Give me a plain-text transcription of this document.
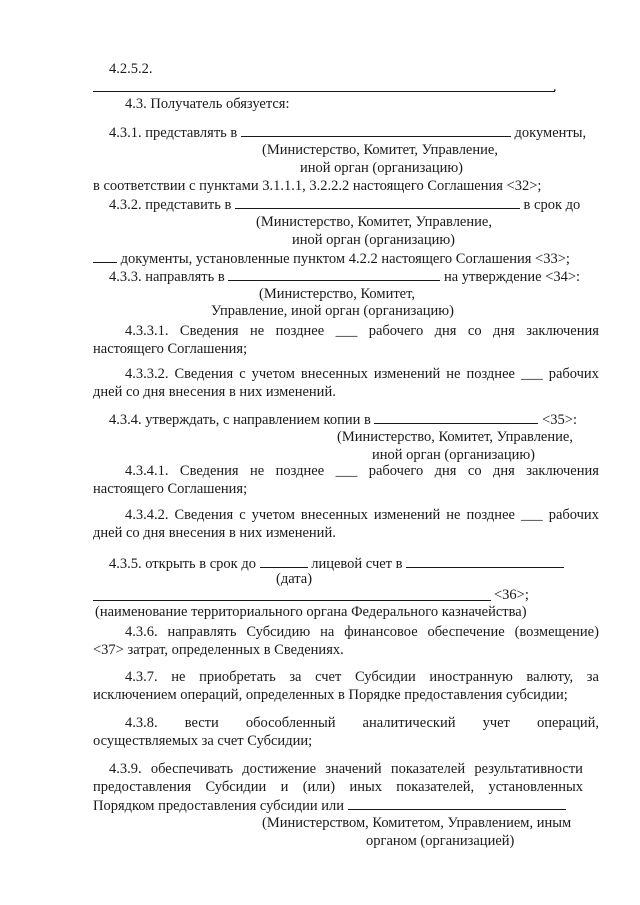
4.2.5.2.
.
4.3. Получатель обязуется:
4.3.1. представлять в	документы,
(Министерство, Комитет, Управление,
иной орган (организацию)
в соответствии с пунктами 3.1.1.1, 3.2.2.2 настоящего Соглашения <32>;
4.3.2. представить в	в срок до
(Министерство, Комитет, Управление,
иной орган (организацию)
документы, установленные пунктом 4.2.2 настоящего Соглашения <33>;
4.3.3. направлять в	на утверждение <34>:
(Министерство, Комитет,
Управление, иной орган (организацию)
4.3.3.1. Сведения не позднее ___ рабочего дня со дня заключения
настоящего Соглашения;
4.3.3.2. Сведения с учетом внесенных изменений не позднее ___ рабочих
дней со дня внесения в них изменений.
4.3.4. утверждать, с направлением копии в	<35>:
(Министерство, Комитет, Управление,
иной орган (организацию)
4.3.4.1. Сведения не позднее ___ рабочего дня со дня заключения
настоящего Соглашения;
4.3.4.2. Сведения с учетом внесенных изменений не позднее ___ рабочих
дней со дня внесения в них изменений.
4.3.5. открыть в срок до	лицевой счет в
(дата)
<36>;
(наименование территориального органа Федерального казначейства)
4.3.6. направлять Субсидию на финансовое обеспечение (возмещение)
<37> затрат, определенных в Сведениях.
4.3.7. не приобретать за счет Субсидии иностранную валюту, за
исключением операций, определенных в Порядке предоставления субсидии;
4.3.8. вести обособленный аналитический учет операций,
осуществляемых за счет Субсидии;
4.3.9. обеспечивать достижение значений показателей результативности
предоставления Субсидии и (или) иных показателей, установленных
Порядком предоставления субсидии или
(Министерством, Комитетом, Управлением, иным
органом (организацией)
